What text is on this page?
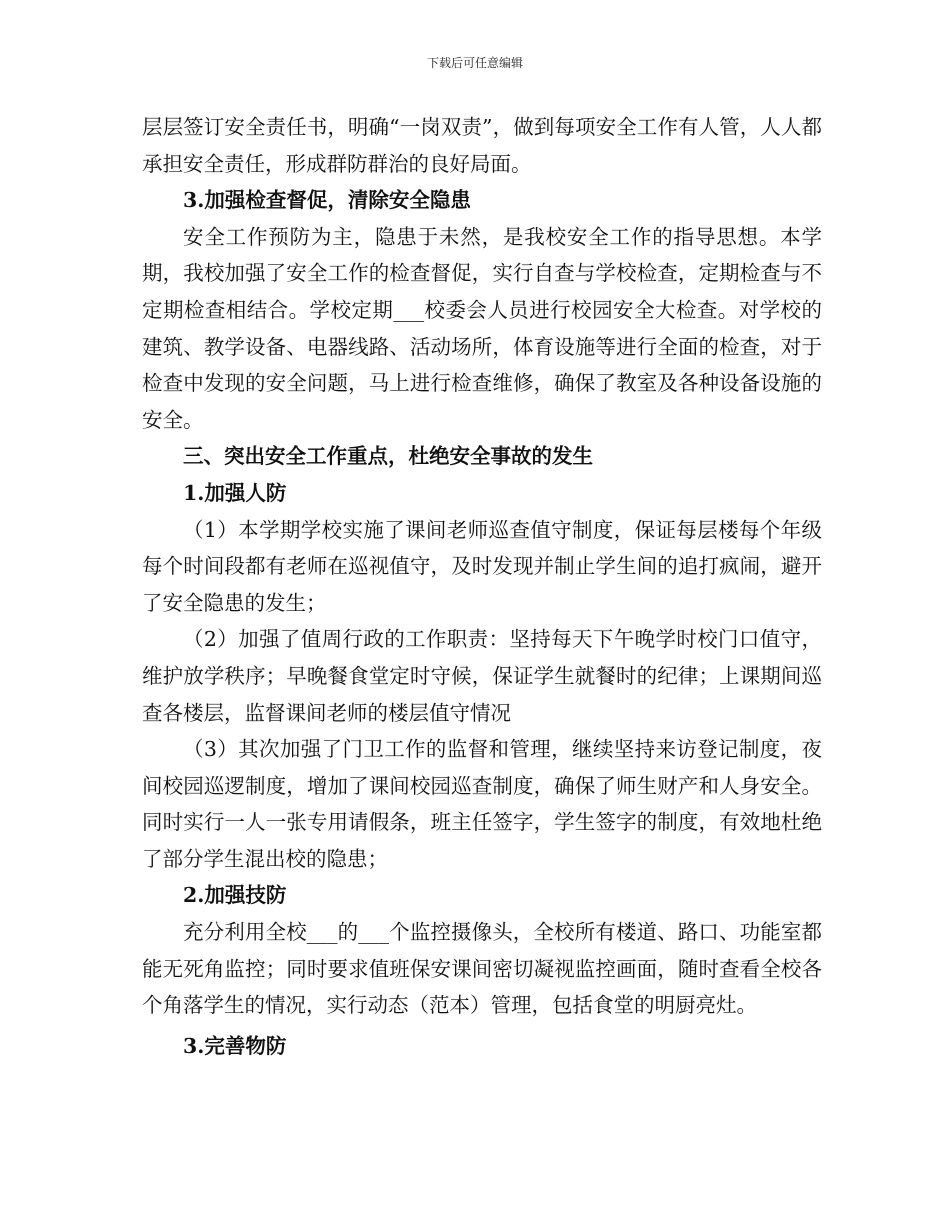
下载后可任意编辑

层层签订安全责任书，明确“一岗双责”，做到每项安全工作有人管，人人都承担安全责任，形成群防群治的良好局面。

3.加强检查督促，清除安全隐患

安全工作预防为主，隐患于未然，是我校安全工作的指导思想。本学期，我校加强了安全工作的检查督促，实行自查与学校检查，定期检查与不定期检查相结合。学校定期___校委会人员进行校园安全大检查。对学校的建筑、教学设备、电器线路、活动场所，体育设施等进行全面的检查，对于检查中发现的安全问题，马上进行检查维修，确保了教室及各种设备设施的安全。

三、突出安全工作重点，杜绝安全事故的发生

1.加强人防

（1）本学期学校实施了课间老师巡查值守制度，保证每层楼每个年级每个时间段都有老师在巡视值守，及时发现并制止学生间的追打疯闹，避开了安全隐患的发生；

（2）加强了值周行政的工作职责：坚持每天下午晚学时校门口值守，维护放学秩序；早晚餐食堂定时守候，保证学生就餐时的纪律；上课期间巡查各楼层，监督课间老师的楼层值守情况

（3）其次加强了门卫工作的监督和管理，继续坚持来访登记制度，夜间校园巡逻制度，增加了课间校园巡查制度，确保了师生财产和人身安全。同时实行一人一张专用请假条，班主任签字，学生签字的制度，有效地杜绝了部分学生混出校的隐患；

2.加强技防

充分利用全校___的___个监控摄像头，全校所有楼道、路口、功能室都能无死角监控；同时要求值班保安课间密切凝视监控画面，随时查看全校各个角落学生的情况，实行动态（范本）管理，包括食堂的明厨亮灶。

3.完善物防
